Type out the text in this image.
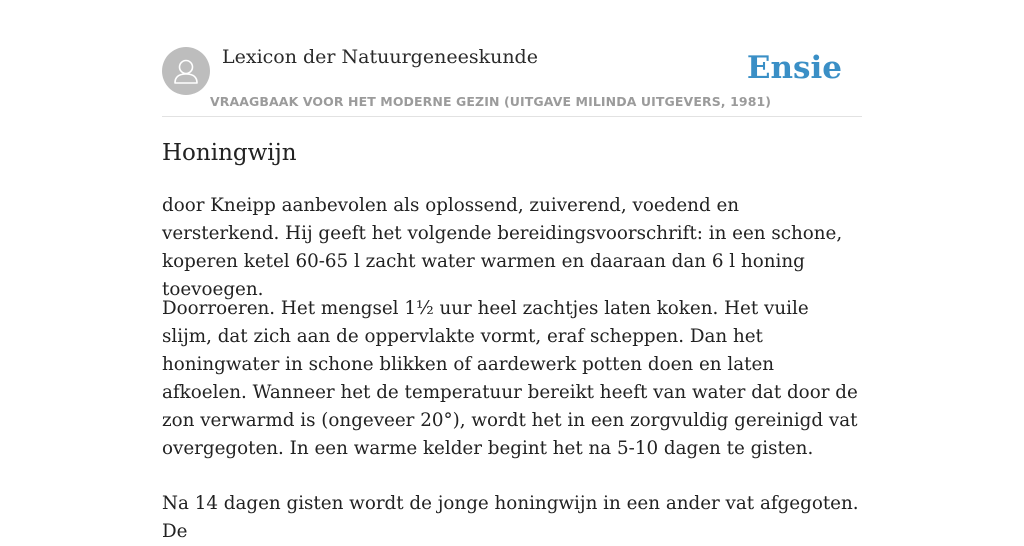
Lexicon der Natuurgeneeskunde
VRAAGBAAK VOOR HET MODERNE GEZIN (UITGAVE MILINDA UITGEVERS, 1981)
Ensie
Honingwijn

door Kneipp aanbevolen als oplossend, zuiverend, voedend en versterkend. Hij geeft het volgende bereidingsvoorschrift: in een schone, koperen ketel 60-65 l zacht water warmen en daaraan dan 6 l honing toevoegen.

Doorroeren. Het mengsel 1½ uur heel zachtjes laten koken. Het vuile slijm, dat zich aan de oppervlakte vormt, eraf scheppen. Dan het honingwater in schone blikken of aardewerk potten doen en laten afkoelen. Wanneer het de temperatuur bereikt heeft van water dat door de zon verwarmd is (ongeveer 20°), wordt het in een zorgvuldig gereinigd vat overgegoten. In een warme kelder begint het na 5-10 dagen te gisten.

Na 14 dagen gisten wordt de jonge honingwijn in een ander vat afgegoten. De
